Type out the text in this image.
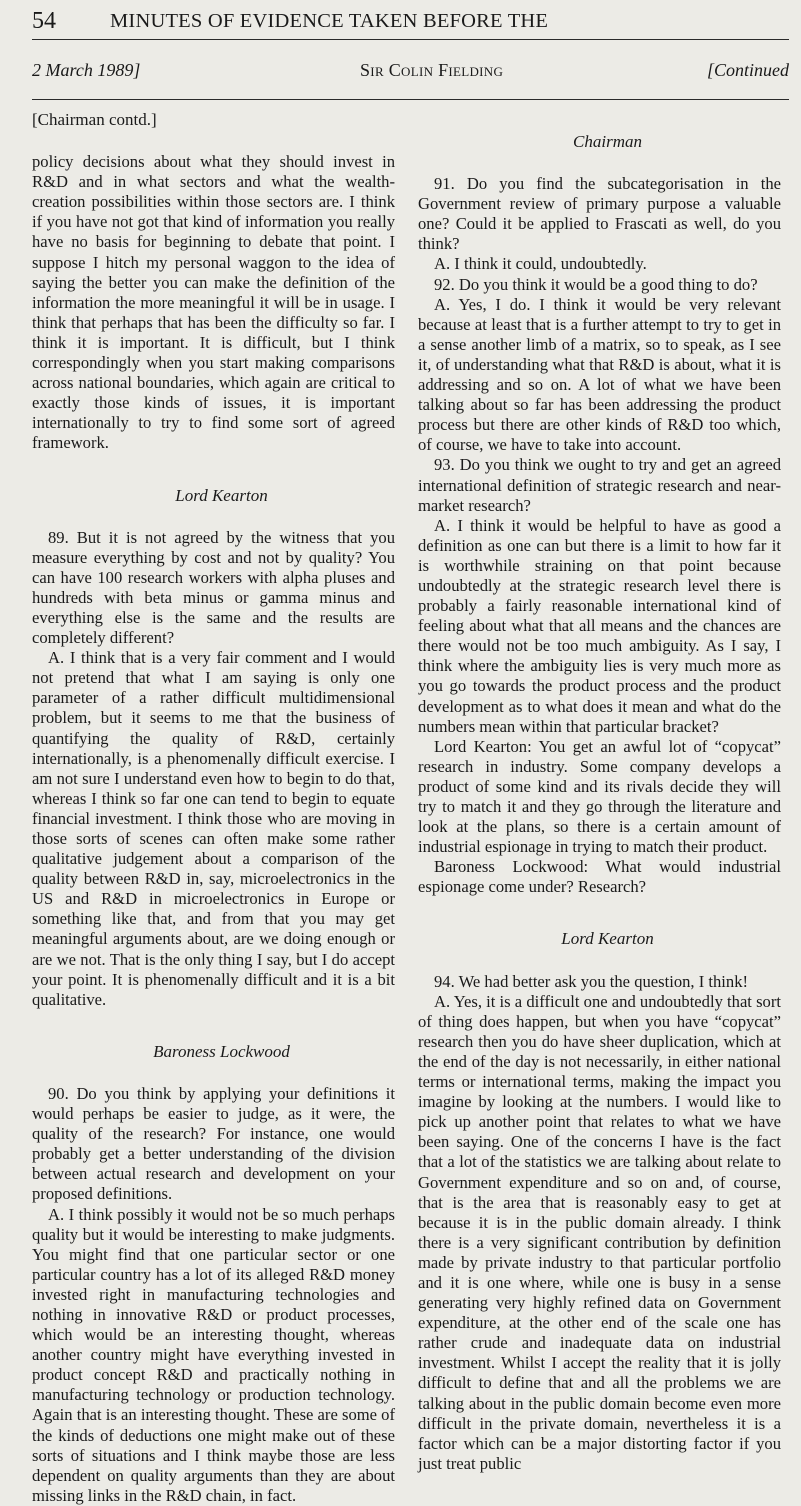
54	MINUTES OF EVIDENCE TAKEN BEFORE THE
2 March 1989]	Sir Colin Fielding	[Continued

[Chairman contd.]

policy decisions about what they should invest in R&D and in what sectors and what the wealth-creation possibilities within those sectors are. I think if you have not got that kind of information you really have no basis for beginning to debate that point. I suppose I hitch my personal waggon to the idea of saying the better you can make the definition of the information the more meaningful it will be in usage. I think that perhaps that has been the difficulty so far. I think it is important. It is difficult, but I think correspondingly when you start making comparisons across national boundaries, which again are critical to exactly those kinds of issues, it is important internationally to try to find some sort of agreed framework.

Lord Kearton

89. But it is not agreed by the witness that you measure everything by cost and not by quality? You can have 100 research workers with alpha pluses and hundreds with beta minus or gamma minus and everything else is the same and the results are completely different?

A. I think that is a very fair comment and I would not pretend that what I am saying is only one parameter of a rather difficult multidimensional problem, but it seems to me that the business of quantifying the quality of R&D, certainly internationally, is a phenomenally difficult exercise. I am not sure I understand even how to begin to do that, whereas I think so far one can tend to begin to equate financial investment. I think those who are moving in those sorts of scenes can often make some rather qualitative judgement about a comparison of the quality between R&D in, say, microelectronics in the US and R&D in microelectronics in Europe or something like that, and from that you may get meaningful arguments about, are we doing enough or are we not. That is the only thing I say, but I do accept your point. It is phenomenally difficult and it is a bit qualitative.

Baroness Lockwood

90. Do you think by applying your definitions it would perhaps be easier to judge, as it were, the quality of the research? For instance, one would probably get a better understanding of the division between actual research and development on your proposed definitions.

A. I think possibly it would not be so much perhaps quality but it would be interesting to make judgments. You might find that one particular sector or one particular country has a lot of its alleged R&D money invested right in manufacturing technologies and nothing in innovative R&D or product processes, which would be an interesting thought, whereas another country might have everything invested in product concept R&D and practically nothing in manufacturing technology or production technology. Again that is an interesting thought. These are some of the kinds of deductions one might make out of these sorts of situations and I think maybe those are less dependent on quality arguments than they are about missing links in the R&D chain, in fact.

Chairman

91. Do you find the subcategorisation in the Government review of primary purpose a valuable one? Could it be applied to Frascati as well, do you think?

A. I think it could, undoubtedly.

92. Do you think it would be a good thing to do?

A. Yes, I do. I think it would be very relevant because at least that is a further attempt to try to get in a sense another limb of a matrix, so to speak, as I see it, of understanding what that R&D is about, what it is addressing and so on. A lot of what we have been talking about so far has been addressing the product process but there are other kinds of R&D too which, of course, we have to take into account.

93. Do you think we ought to try and get an agreed international definition of strategic research and near-market research?

A. I think it would be helpful to have as good a definition as one can but there is a limit to how far it is worthwhile straining on that point because undoubtedly at the strategic research level there is probably a fairly reasonable international kind of feeling about what that all means and the chances are there would not be too much ambiguity. As I say, I think where the ambiguity lies is very much more as you go towards the product process and the product development as to what does it mean and what do the numbers mean within that particular bracket?

Lord Kearton: You get an awful lot of “copycat” research in industry. Some company develops a product of some kind and its rivals decide they will try to match it and they go through the literature and look at the plans, so there is a certain amount of industrial espionage in trying to match their product.

Baroness Lockwood: What would industrial espionage come under? Research?

Lord Kearton

94. We had better ask you the question, I think!

A. Yes, it is a difficult one and undoubtedly that sort of thing does happen, but when you have “copycat” research then you do have sheer duplication, which at the end of the day is not necessarily, in either national terms or international terms, making the impact you imagine by looking at the numbers. I would like to pick up another point that relates to what we have been saying. One of the concerns I have is the fact that a lot of the statistics we are talking about relate to Government expenditure and so on and, of course, that is the area that is reasonably easy to get at because it is in the public domain already. I think there is a very significant contribution by definition made by private industry to that particular portfolio and it is one where, while one is busy in a sense generating very highly refined data on Government expenditure, at the other end of the scale one has rather crude and inadequate data on industrial investment. Whilst I accept the reality that it is jolly difficult to define that and all the problems we are talking about in the public domain become even more difficult in the private domain, nevertheless it is a factor which can be a major distorting factor if you just treat public
